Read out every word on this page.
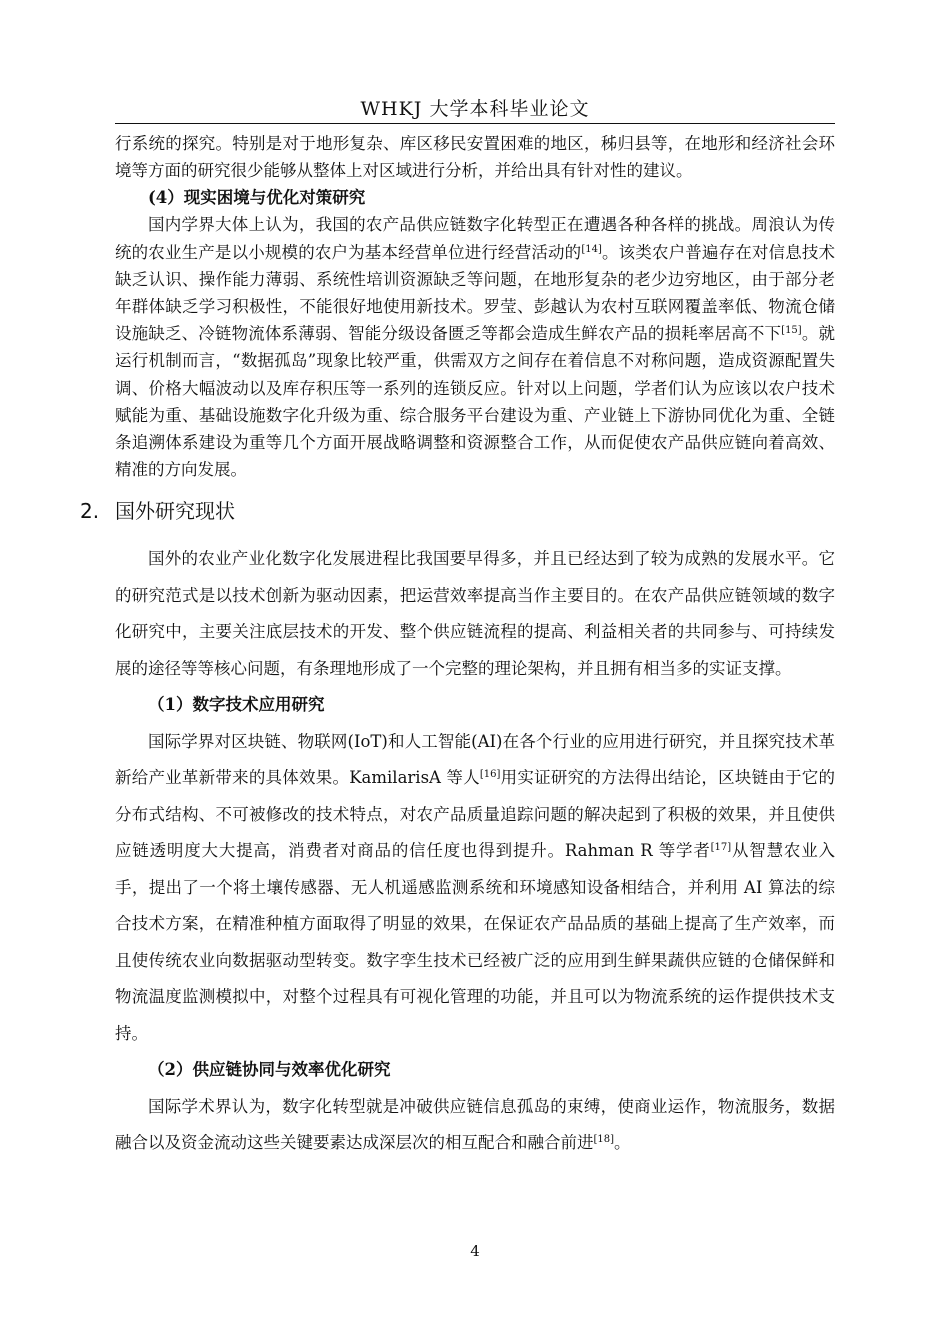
WHKJ 大学本科毕业论文

行系统的探究。特别是对于地形复杂、库区移民安置困难的地区，秭归县等，在地形和经济社会环境等方面的研究很少能够从整体上对区域进行分析，并给出具有针对性的建议。

(4）现实困境与优化对策研究

国内学界大体上认为，我国的农产品供应链数字化转型正在遭遇各种各样的挑战。周浪认为传统的农业生产是以小规模的农户为基本经营单位进行经营活动的[14]。该类农户普遍存在对信息技术缺乏认识、操作能力薄弱、系统性培训资源缺乏等问题，在地形复杂的老少边穷地区，由于部分老年群体缺乏学习积极性，不能很好地使用新技术。罗莹、彭越认为农村互联网覆盖率低、物流仓储设施缺乏、冷链物流体系薄弱、智能分级设备匮乏等都会造成生鲜农产品的损耗率居高不下[15]。就运行机制而言，“数据孤岛”现象比较严重，供需双方之间存在着信息不对称问题，造成资源配置失调、价格大幅波动以及库存积压等一系列的连锁反应。针对以上问题，学者们认为应该以农户技术赋能为重、基础设施数字化升级为重、综合服务平台建设为重、产业链上下游协同优化为重、全链条追溯体系建设为重等几个方面开展战略调整和资源整合工作，从而促使农产品供应链向着高效、精准的方向发展。

2. 国外研究现状

国外的农业产业化数字化发展进程比我国要早得多，并且已经达到了较为成熟的发展水平。它的研究范式是以技术创新为驱动因素，把运营效率提高当作主要目的。在农产品供应链领域的数字化研究中，主要关注底层技术的开发、整个供应链流程的提高、利益相关者的共同参与、可持续发展的途径等等核心问题，有条理地形成了一个完整的理论架构，并且拥有相当多的实证支撑。

（1）数字技术应用研究

国际学界对区块链、物联网(IoT)和人工智能(AI)在各个行业的应用进行研究，并且探究技术革新给产业革新带来的具体效果。KamilarisA 等人[16]用实证研究的方法得出结论，区块链由于它的分布式结构、不可被修改的技术特点，对农产品质量追踪问题的解决起到了积极的效果，并且使供应链透明度大大提高，消费者对商品的信任度也得到提升。Rahman R 等学者[17]从智慧农业入手，提出了一个将土壤传感器、无人机遥感监测系统和环境感知设备相结合，并利用 AI 算法的综合技术方案，在精准种植方面取得了明显的效果，在保证农产品品质的基础上提高了生产效率，而且使传统农业向数据驱动型转变。数字孪生技术已经被广泛的应用到生鲜果蔬供应链的仓储保鲜和物流温度监测模拟中，对整个过程具有可视化管理的功能，并且可以为物流系统的运作提供技术支持。

（2）供应链协同与效率优化研究

国际学术界认为，数字化转型就是冲破供应链信息孤岛的束缚，使商业运作，物流服务，数据融合以及资金流动这些关键要素达成深层次的相互配合和融合前进[18]。

4
